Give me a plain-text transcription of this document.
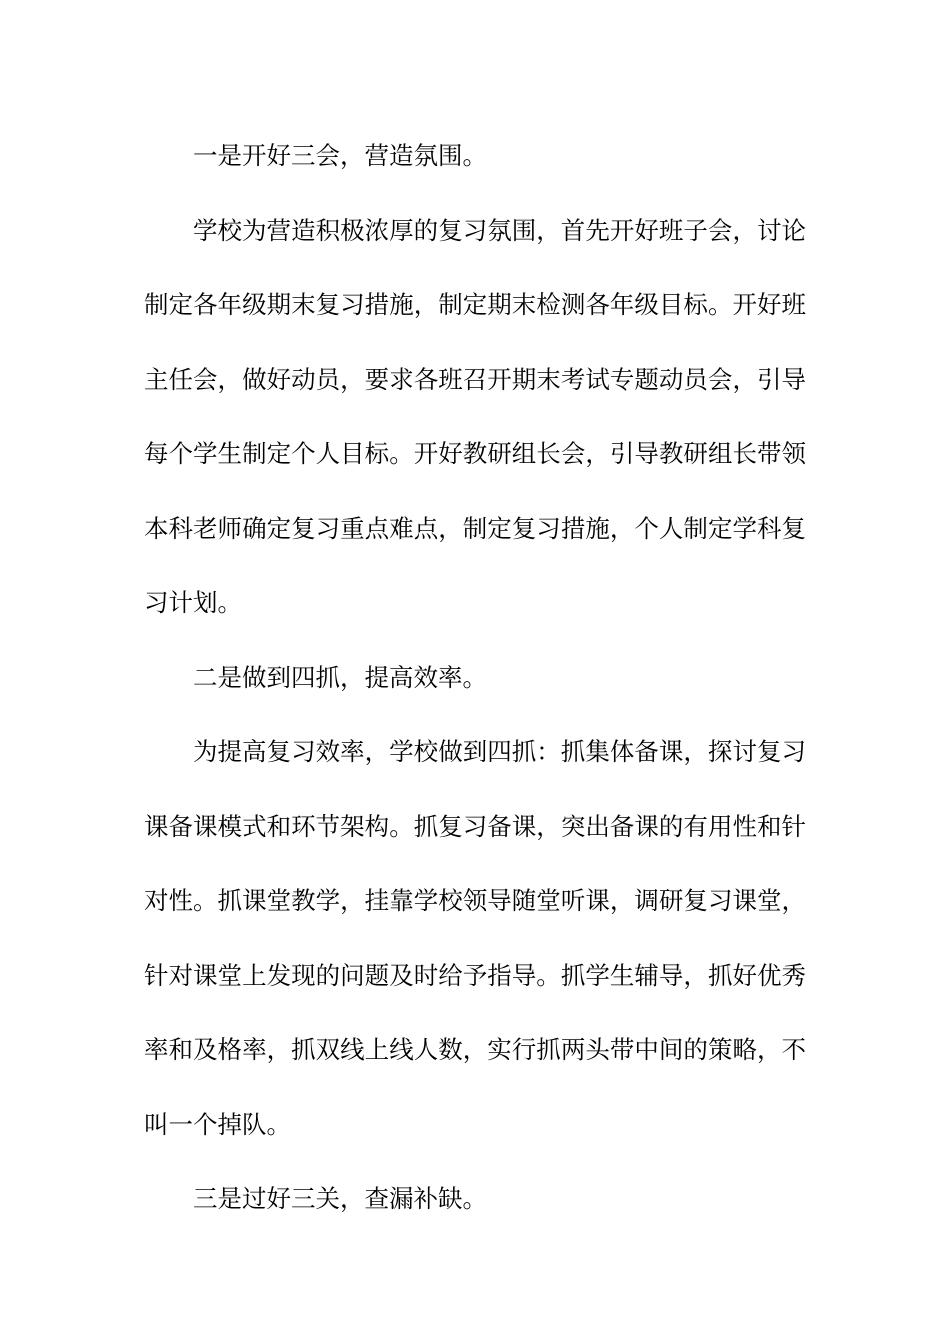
一是开好三会，营造氛围。

学校为营造积极浓厚的复习氛围，首先开好班子会，讨论制定各年级期末复习措施，制定期末检测各年级目标。开好班主任会，做好动员，要求各班召开期末考试专题动员会，引导每个学生制定个人目标。开好教研组长会，引导教研组长带领本科老师确定复习重点难点，制定复习措施，个人制定学科复习计划。

二是做到四抓，提高效率。

为提高复习效率，学校做到四抓：抓集体备课，探讨复习课备课模式和环节架构。抓复习备课，突出备课的有用性和针对性。抓课堂教学，挂靠学校领导随堂听课，调研复习课堂，针对课堂上发现的问题及时给予指导。抓学生辅导，抓好优秀率和及格率，抓双线上线人数，实行抓两头带中间的策略，不叫一个掉队。

三是过好三关，查漏补缺。
